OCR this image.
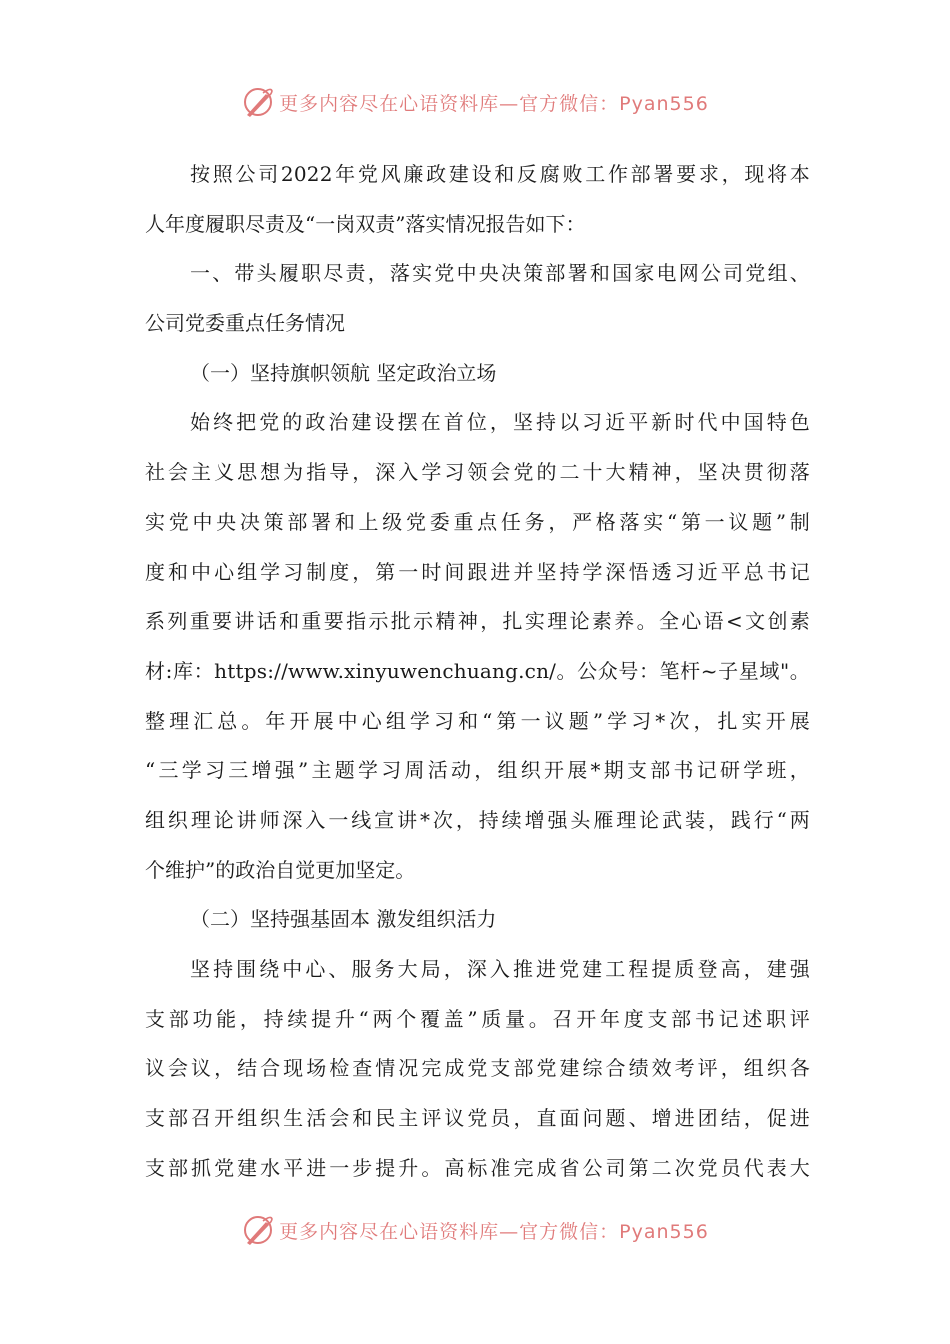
更多内容尽在心语资料库—官方微信：Pyan556
按照公司2022年党风廉政建设和反腐败工作部署要求，现将本
人年度履职尽责及“一岗双责”落实情况报告如下：
一、带头履职尽责，落实党中央决策部署和国家电网公司党组、
公司党委重点任务情况
（一）坚持旗帜领航 坚定政治立场
始终把党的政治建设摆在首位，坚持以习近平新时代中国特色
社会主义思想为指导，深入学习领会党的二十大精神，坚决贯彻落
实党中央决策部署和上级党委重点任务，严格落实“第一议题”制
度和中心组学习制度，第一时间跟进并坚持学深悟透习近平总书记
系列重要讲话和重要指示批示精神，扎实理论素养。全心语<文创素
材:库：https://www.xinyuwenchuang.cn/。公众号：笔杆~子星域"。
整理汇总。年开展中心组学习和“第一议题”学习*次，扎实开展
“三学习三增强”主题学习周活动，组织开展*期支部书记研学班，
组织理论讲师深入一线宣讲*次，持续增强头雁理论武装，践行“两
个维护”的政治自觉更加坚定。
（二）坚持强基固本 激发组织活力
坚持围绕中心、服务大局，深入推进党建工程提质登高，建强
支部功能，持续提升“两个覆盖”质量。召开年度支部书记述职评
议会议，结合现场检查情况完成党支部党建综合绩效考评，组织各
支部召开组织生活会和民主评议党员，直面问题、增进团结，促进
支部抓党建水平进一步提升。高标准完成省公司第二次党员代表大
更多内容尽在心语资料库—官方微信：Pyan556
